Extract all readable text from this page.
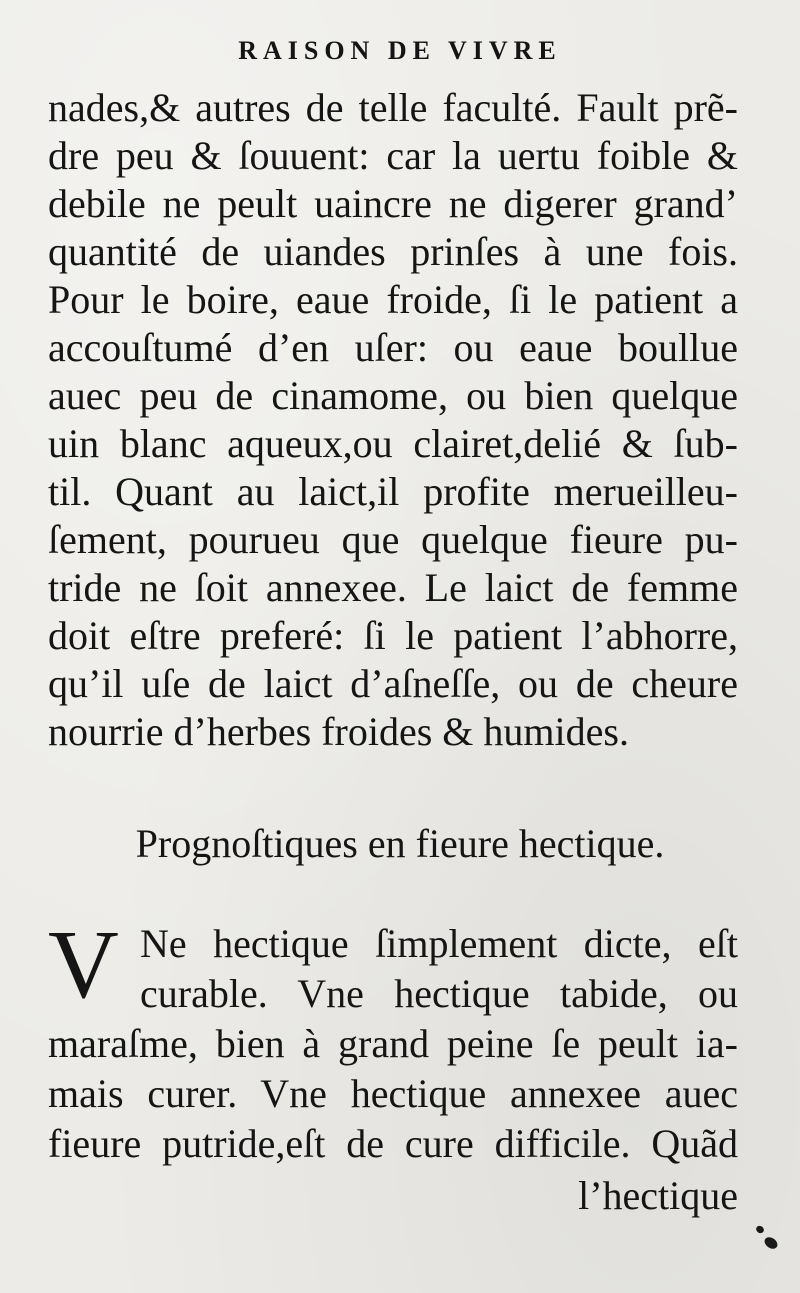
RAISON DE VIVRE
nades,& autres de telle faculté. Fault prẽ-
dre peu & ſouuent: car la uertu foible &
debile ne peult uaincre ne digerer grand’
quantité de uiandes prinſes à une fois.
Pour le boire, eaue froide, ſi le patient a
accouſtumé d’en uſer: ou eaue boullue
auec peu de cinamome, ou bien quelque
uin blanc aqueux,ou clairet,delié & ſub-
til. Quant au laict,il profite merueilleu-
ſement, pourueu que quelque fieure pu-
tride ne ſoit annexee. Le laict de femme
doit eſtre preferé: ſi le patient l’abhorre,
qu’il uſe de laict d’aſneſſe, ou de cheure
nourrie d’herbes froides & humides.
Prognoſtiques en fieure hectique.
V Ne hectique ſimplement dicte, eſt
curable. Vne hectique tabide, ou
maraſme, bien à grand peine ſe peult ia-
mais curer. Vne hectique annexee auec
fieure putride,eſt de cure difficile. Quãd
l’hectique
